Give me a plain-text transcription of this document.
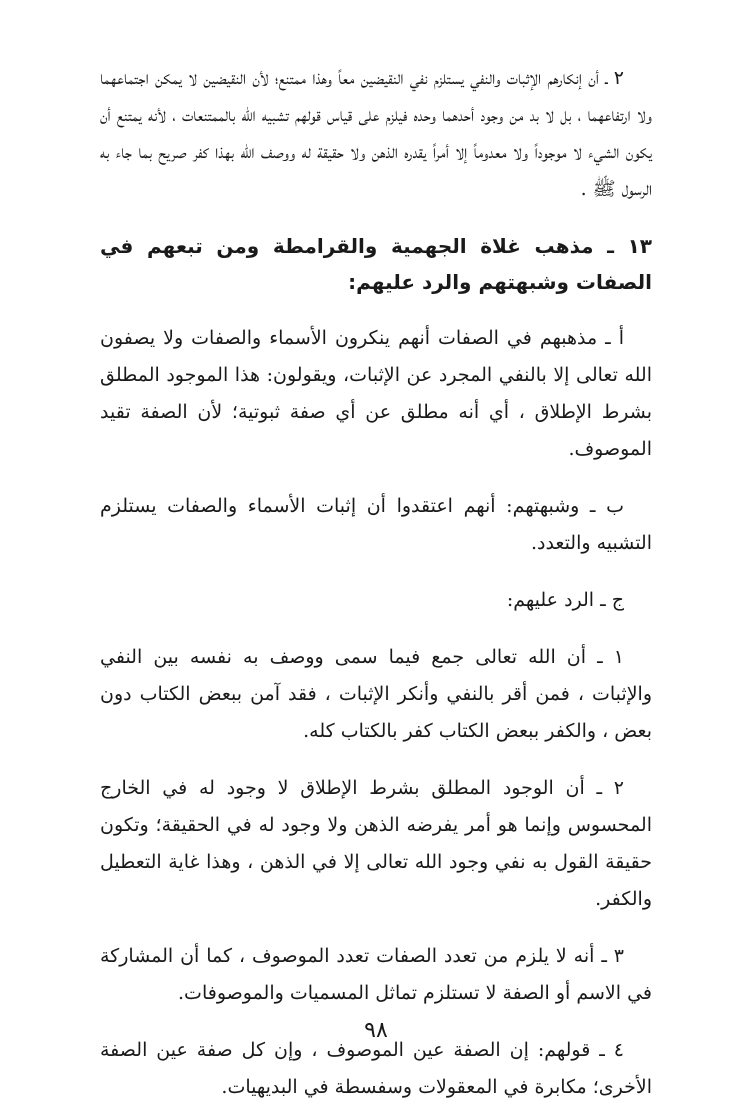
٢ ـ أن إنكارهم الإثبات والنفي يستلزم نفي النقيضين معاً وهذا ممتنع؛ لأن النقيضين لا يمكن اجتماعهما ولا ارتفاعهما ، بل لا بد من وجود أحدهما وحده فيلزم على قياس قولهم تشبيه الله بالممتنعات ، لأنه يمتنع أن يكون الشيء لا موجوداً ولا معدوماً إلا أمراً يقدره الذهن ولا حقيقة له ووصف الله بهذا كفر صريح بما جاء به الرسول ﷺ .

١٣ ـ مذهب غلاة الجهمية والقرامطة ومن تبعهم في الصفات وشبهتهم والرد عليهم:

أ ـ مذهبهم في الصفات أنهم ينكرون الأسماء والصفات ولا يصفون الله تعالى إلا بالنفي المجرد عن الإثبات، ويقولون: هذا الموجود المطلق بشرط الإطلاق ، أي أنه مطلق عن أي صفة ثبوتية؛ لأن الصفة تقيد الموصوف.

ب ـ وشبهتهم: أنهم اعتقدوا أن إثبات الأسماء والصفات يستلزم التشبيه والتعدد.

ج ـ الرد عليهم:

١ ـ أن الله تعالى جمع فيما سمى ووصف به نفسه بين النفي والإثبات ، فمن أقر بالنفي وأنكر الإثبات ، فقد آمن ببعض الكتاب دون بعض ، والكفر ببعض الكتاب كفر بالكتاب كله.

٢ ـ أن الوجود المطلق بشرط الإطلاق لا وجود له في الخارج المحسوس وإنما هو أمر يفرضه الذهن ولا وجود له في الحقيقة؛ وتكون حقيقة القول به نفي وجود الله تعالى إلا في الذهن ، وهذا غاية التعطيل والكفر.

٣ ـ أنه لا يلزم من تعدد الصفات تعدد الموصوف ، كما أن المشاركة في الاسم أو الصفة لا تستلزم تماثل المسميات والموصوفات.

٤ ـ قولهم: إن الصفة عين الموصوف ، وإن كل صفة عين الصفة الأخرى؛ مكابرة في المعقولات وسفسطة في البديهيات.

٩٨
